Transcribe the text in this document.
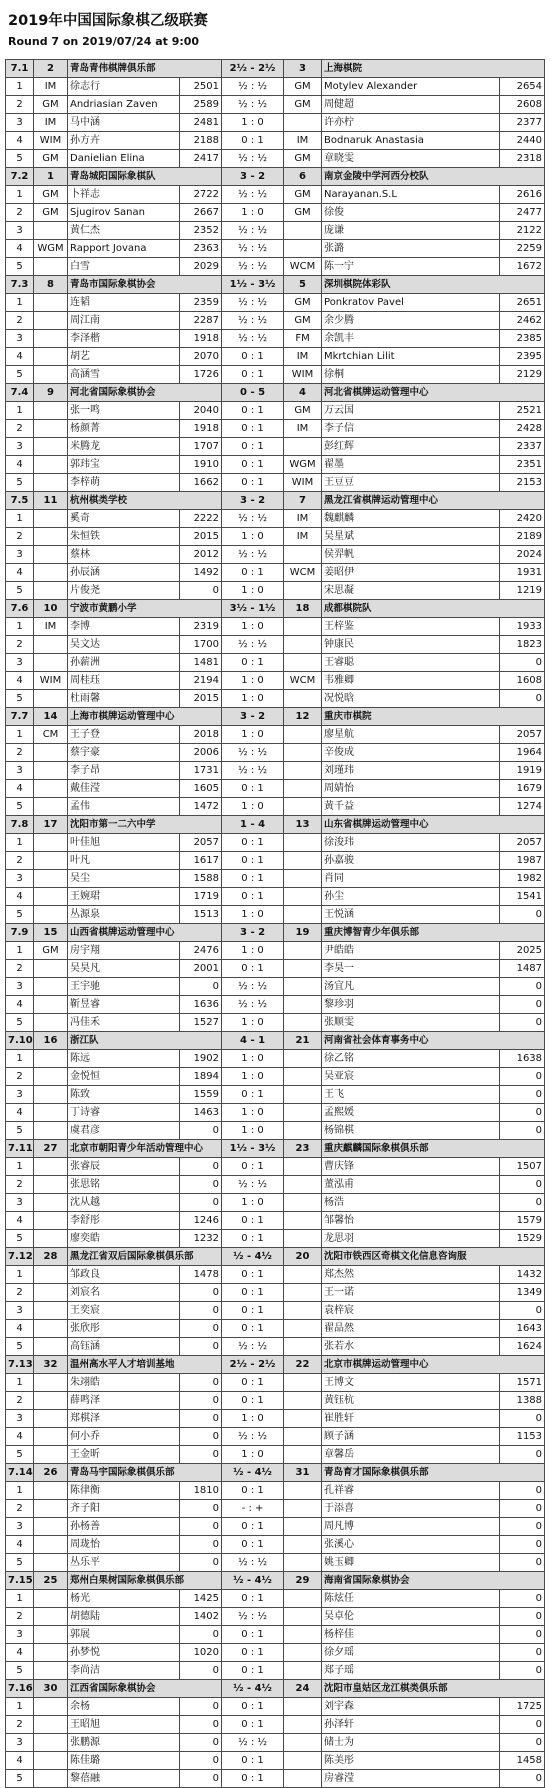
2019年中国国际象棋乙级联赛
Round 7 on 2019/07/24 at 9:00
7.1	2	青岛青伟棋牌俱乐部		2½ - 2½	3	上海棋院	
1	IM	徐志行	2501	½ : ½	GM	Motylev Alexander	2654
2	GM	Andriasian Zaven	2589	½ : ½	GM	周健超	2608
3	IM	马中涵	2481	1 : 0		许亦柠	2377
4	WIM	孙方卉	2188	0 : 1	IM	Bodnaruk Anastasia	2440
5	GM	Danielian Elina	2417	½ : ½	GM	章晓雯	2318
7.2	1	青岛城阳国际象棋队		3 - 2	6	南京金陵中学河西分校队	
1	GM	卜祥志	2722	½ : ½	GM	Narayanan.S.L	2616
2	GM	Sjugirov Sanan	2667	1 : 0	GM	徐俊	2477
3		黄仁杰	2352	½ : ½		庞谦	2122
4	WGM	Rapport Jovana	2363	½ : ½		张潞	2259
5		白雪	2029	½ : ½	WCM	陈一宁	1672
7.3	8	青岛市国际象棋协会		1½ - 3½	5	深圳棋院体彩队	
1		连韬	2359	½ : ½	GM	Ponkratov Pavel	2651
2		周江南	2287	½ : ½	GM	余少腾	2462
3		李泽楷	1918	½ : ½	FM	余凯丰	2385
4		胡艺	2070	0 : 1	IM	Mkrtchian Lilit	2395
5		高涵雪	1726	0 : 1	WIM	徐桐	2129
7.4	9	河北省国际象棋协会		0 - 5	4	河北省棋牌运动管理中心	
1		张一鸣	2040	0 : 1	GM	万云国	2521
2		杨颜菁	1918	0 : 1	IM	李子信	2428
3		米腾龙	1707	0 : 1		彭红辉	2337
4		郭玮宝	1910	0 : 1	WGM	翟墨	2351
5		李梓萌	1662	0 : 1	WIM	王豆豆	2153
7.5	11	杭州棋类学校		3 - 2	7	黑龙江省棋牌运动管理中心	
1		奚奇	2222	½ : ½	IM	魏麒麟	2420
2		朱恒铁	2015	1 : 0	IM	吴星斌	2189
3		蔡林	2012	½ : ½		侯羿帆	2024
4		孙辰涵	1492	0 : 1	WCM	姜昭伊	1931
5		片俊尧	0	1 : 0		宋思凝	1219
7.6	10	宁波市黄鹏小学		3½ - 1½	18	成都棋院队	
1	IM	李博	2319	1 : 0		王梓鉴	1933
2		吴文达	1700	½ : ½		钟康民	1823
3		孙薪洲	1481	0 : 1		王睿聪	0
4	WIM	周桂珏	2194	1 : 0	WCM	韦雅卿	1608
5		杜雨馨	2015	1 : 0		况悦晗	0
7.7	14	上海市棋牌运动管理中心		3 - 2	12	重庆市棋院	
1	CM	王子登	2018	1 : 0		廖星航	2057
2		蔡宇豪	2006	½ : ½		辛俊成	1964
3		李子昂	1731	½ : ½		刘瑾玮	1919
4		戴佳滢	1605	0 : 1		周婧怡	1679
5		孟伟	1472	1 : 0		黄千益	1274
7.8	17	沈阳市第一二六中学		1 - 4	13	山东省棋牌运动管理中心	
1		叶佳旭	2057	0 : 1		徐浚玮	2057
2		叶凡	1617	0 : 1		孙嘉骏	1987
3		吴尘	1588	0 : 1		肖同	1982
4		王婉珺	1719	0 : 1		孙尘	1541
5		丛源泉	1513	1 : 0		王悦涵	0
7.9	15	山西省棋牌运动管理中心		3 - 2	19	重庆博智青少年俱乐部	
1	GM	房宇翔	2476	1 : 0		尹皓皓	2025
2		吴昊凡	2001	0 : 1		李昊一	1487
3		王宇驰	0	½ : ½		汤宜凡	0
4		靳昱睿	1636	½ : ½		黎珍羽	0
5		冯佳禾	1527	1 : 0		张顺雯	0
7.10	16	浙江队		4 - 1	21	河南省社会体育事务中心	
1		陈远	1902	1 : 0		徐乙铭	1638
2		金悦恒	1894	1 : 0		吴亚宸	0
3		陈致	1559	0 : 1		王飞	0
4		丁诗睿	1463	1 : 0		孟熙媛	0
5		虞君彦	0	1 : 0		杨锦棋	0
7.11	27	北京市朝阳青少年活动管理中心		1½ - 3½	23	重庆麒麟国际象棋俱乐部	
1		张睿辰	0	0 : 1		曹庆锋	1507
2		张思铭	0	½ : ½		董泓甫	0
3		沈从越	0	1 : 0		杨浩	0
4		李舒彤	1246	0 : 1		邹馨怡	1579
5		廖奕皓	1232	0 : 1		龙思羽	1529
7.12	28	黑龙江省双后国际象棋俱乐部		½ - 4½	20	沈阳市铁西区奇棋文化信息咨询服	
1		邹政良	1478	0 : 1		郑杰然	1432
2		刘宸名	0	0 : 1		王一诺	1349
3		王奕宸	0	0 : 1		袁梓宸	0
4		张欣彤	0	0 : 1		翟品然	1643
5		高钰涵	0	½ : ½		张若水	1624
7.13	32	温州高水平人才培训基地		2½ - 2½	22	北京市棋牌运动管理中心	
1		朱翊皓	0	0 : 1		王博文	1571
2		薛鸣泽	0	0 : 1		黄钰杭	1388
3		郑棋泽	0	1 : 0		崔胜轩	0
4		何小乔	0	½ : ½		顾子涵	1153
5		王金昕	0	1 : 0		章馨岳	0
7.14	26	青岛马宇国际象棋俱乐部		½ - 4½	31	青岛育才国际象棋俱乐部	
1		陈律衡	1810	0 : 1		孔祥睿	0
2		齐子阳	0	- : +		于添喜	0
3		孙杨善	0	0 : 1		周凡博	0
4		周珑怡	0	0 : 1		张溪心	0
5		丛乐平	0	½ : ½		姚玉卿	0
7.15	25	郑州白果树国际象棋俱乐部		½ - 4½	29	海南省国际象棋协会	
1		杨光	1425	0 : 1		陈炫任	0
2		胡德陆	1402	½ : ½		吴卓伦	0
3		郭展	0	0 : 1		杨梓佳	0
4		孙梦悦	1020	0 : 1		徐夕瑶	0
5		李尚洁	0	0 : 1		郑子瑶	0
7.16	30	江西省国际象棋协会		½ - 4½	24	沈阳市皇姑区龙江棋类俱乐部	
1		余杨	0	0 : 1		刘宇森	1725
2		王昭旭	0	0 : 1		孙泽轩	0
3		张鹏源	0	½ : ½		储士为	0
4		陈佳璐	0	0 : 1		陈美彤	1458
5		黎蓓融	0	0 : 1		房睿滢	0
